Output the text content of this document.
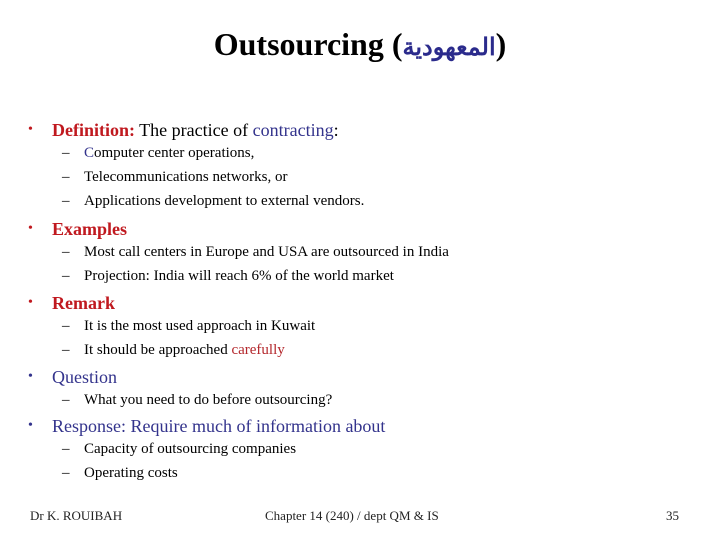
Outsourcing (المعهودية)
• Definition: The practice of contracting:
– Computer center operations,
– Telecommunications networks, or
– Applications development to external vendors.
• Examples
– Most call centers in Europe and USA are outsourced in India
– Projection: India will reach 6% of the world market
• Remark
– It is the most used approach in Kuwait
– It should be approached carefully
• Question
– What you need to do before outsourcing?
• Response: Require much of information about
– Capacity of outsourcing companies
– Operating costs
Dr K. ROUIBAH	Chapter 14 (240) / dept QM & IS	35
